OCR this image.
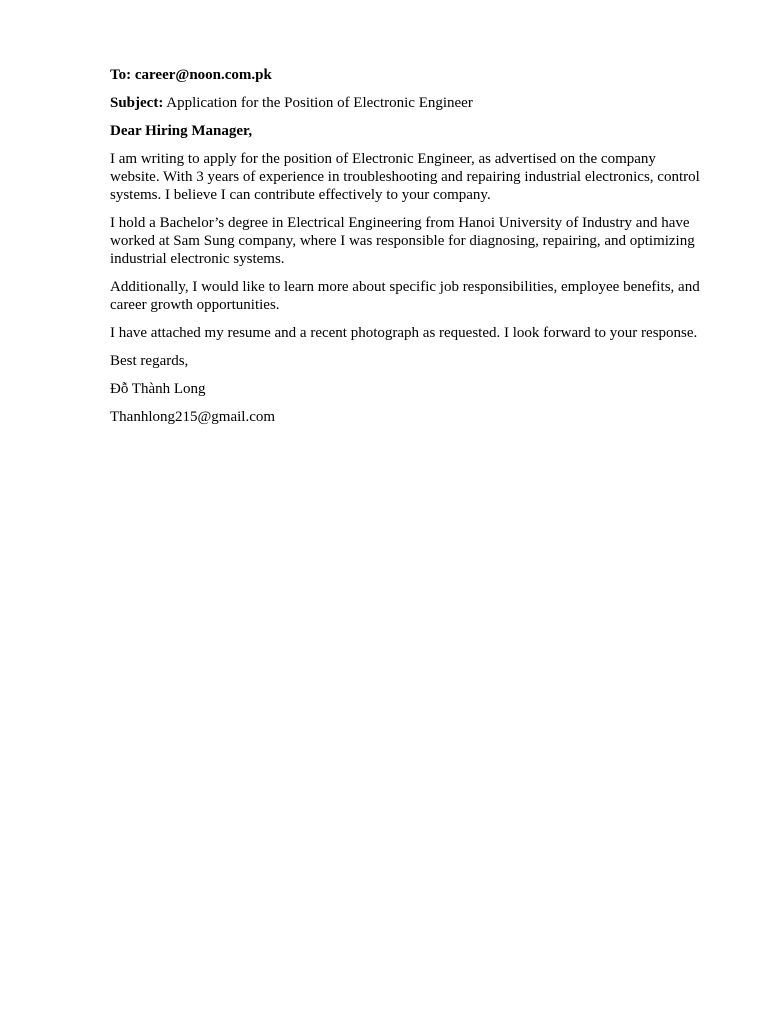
To: career@noon.com.pk

Subject: Application for the Position of Electronic Engineer

Dear Hiring Manager,

I am writing to apply for the position of Electronic Engineer, as advertised on the company website. With 3 years of experience in troubleshooting and repairing industrial electronics, control systems. I believe I can contribute effectively to your company.

I hold a Bachelor’s degree in Electrical Engineering from Hanoi University of Industry and have worked at Sam Sung company, where I was responsible for diagnosing, repairing, and optimizing industrial electronic systems.

Additionally, I would like to learn more about specific job responsibilities, employee benefits, and career growth opportunities.

I have attached my resume and a recent photograph as requested. I look forward to your response.

Best regards,

Đỗ Thành Long

Thanhlong215@gmail.com
